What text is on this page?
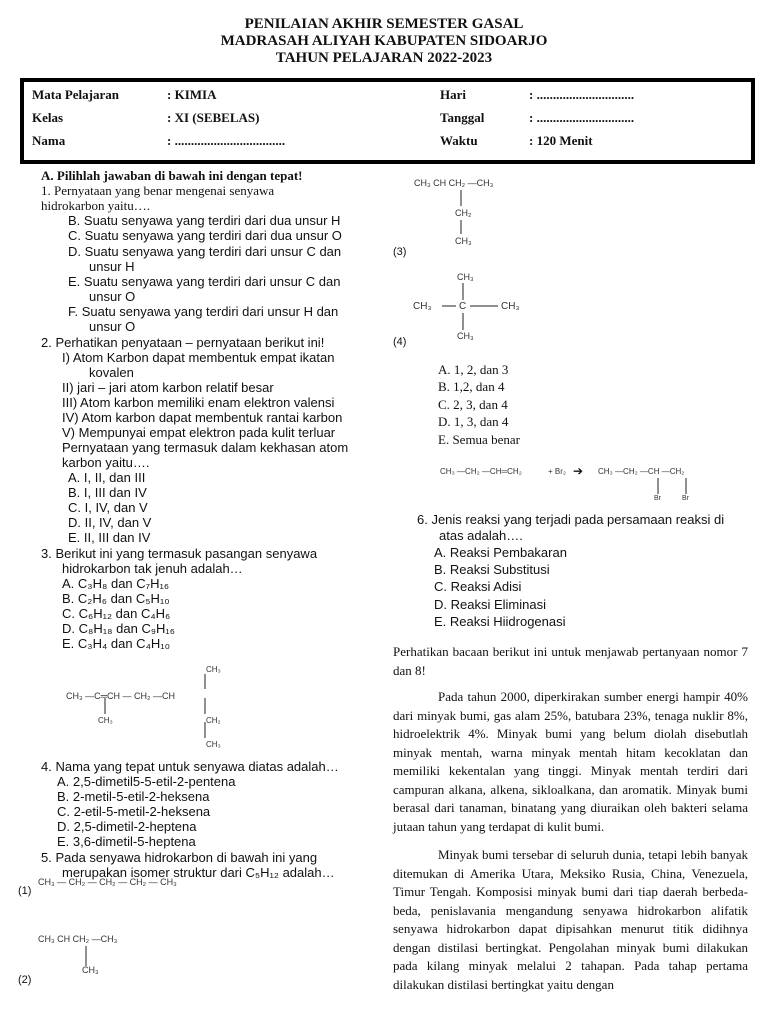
PENILAIAN AKHIR SEMESTER GASAL
MADRASAH ALIYAH KABUPATEN SIDOARJO
TAHUN PELAJARAN 2022-2023
Mata Pelajaran	: KIMIA
Kelas	: XI (SEBELAS)
Nama	: ..................................
Hari	: ..............................
Tanggal	: ..............................
Waktu	: 120 Menit
A. Pilihlah jawaban di bawah ini dengan tepat!
1. Pernyataan yang benar mengenai senyawa
hidrokarbon yaitu….
B. Suatu senyawa yang terdiri dari dua unsur H
C. Suatu senyawa yang terdiri dari dua unsur O
D. Suatu senyawa yang terdiri dari unsur C dan
unsur H
E. Suatu senyawa yang terdiri dari unsur C dan
unsur O
F. Suatu senyawa yang terdiri dari unsur H dan
unsur O
2. Perhatikan penyataan – pernyataan berikut ini!
I) Atom Karbon dapat membentuk empat ikatan
kovalen
II) jari – jari atom karbon relatif besar
III) Atom karbon memiliki enam elektron valensi
IV) Atom karbon dapat membentuk rantai karbon
V) Mempunyai empat elektron pada kulit terluar
Pernyataan yang termasuk dalam kekhasan atom
karbon yaitu….
A. I, II, dan III
B. I, III dan IV
C. I, IV, dan V
D. II, IV, dan V
E. II, III dan IV
3. Berikut ini yang termasuk pasangan senyawa
hidrokarbon tak jenuh adalah…
A. C₃H₈ dan C₇H₁₆
B. C₂H₆ dan C₅H₁₀
C. C₆H₁₂ dan C₄H₆
D. C₈H₁₈ dan C₉H₁₆
E. C₃H₄ dan C₄H₁₀
CH₃
CH₃ ―C═CH ― CH₂ ―CH
CH₃	CH₂
CH₃
4. Nama yang tepat untuk senyawa diatas adalah…
A. 2,5-dimetil5-5-etil-2-pentena
B. 2-metil-5-etil-2-heksena
C. 2-etil-5-metil-2-heksena
D. 2,5-dimetil-2-heptena
E. 3,6-dimetil-5-heptena
5. Pada senyawa hidrokarbon di bawah ini yang
merupakan isomer struktur dari C₅H₁₂ adalah…
CH₃ ― CH₂ ― CH₂ ― CH₂ ― CH₃
(1)
CH₃ CH CH₂ ―CH₃
CH₃
(2)
CH₃ CH CH₂ ―CH₃
CH₂
CH₃
(3)
CH₃
CH₃	C	CH₃
CH₃
(4)
A. 1, 2, dan 3
B. 1,2, dan 4
C. 2, 3, dan 4
D. 1, 3, dan 4
E. Semua benar
CH₃ ―CH₂ ―CH═CH₂	+ Br₂ ➔ CH₃ ―CH₂ ―CH ―CH₂
Br	Br
6. Jenis reaksi yang terjadi pada persamaan reaksi di
atas adalah….
A. Reaksi Pembakaran
B. Reaksi Substitusi
C. Reaksi Adisi
D. Reaksi Eliminasi
E. Reaksi Hiidrogenasi
Perhatikan bacaan berikut ini untuk menjawab pertanyaan nomor 7 dan 8!
Pada tahun 2000, diperkirakan sumber energi hampir 40% dari minyak bumi, gas alam 25%, batubara 23%, tenaga nuklir 8%, hidroelektrik 4%. Minyak bumi yang belum diolah disebutlah minyak mentah, warna minyak mentah hitam kecoklatan dan memiliki kekentalan yang tinggi. Minyak mentah terdiri dari campuran alkana, alkena, sikloalkana, dan aromatik. Minyak bumi berasal dari tanaman, binatang yang diuraikan oleh bakteri selama jutaan tahun yang terdapat di kulit bumi.
Minyak bumi tersebar di seluruh dunia, tetapi lebih banyak ditemukan di Amerika Utara, Meksiko Rusia, China, Venezuela, Timur Tengah. Komposisi minyak bumi dari tiap daerah berbeda-beda, penislavania mengandung senyawa hidrokarbon alifatik senyawa hidrokarbon dapat dipisahkan menurut titik didihnya dengan distilasi bertingkat. Pengolahan minyak bumi dilakukan pada kilang minyak melalui 2 tahapan. Pada tahap pertama dilakukan distilasi bertingkat yaitu dengan
